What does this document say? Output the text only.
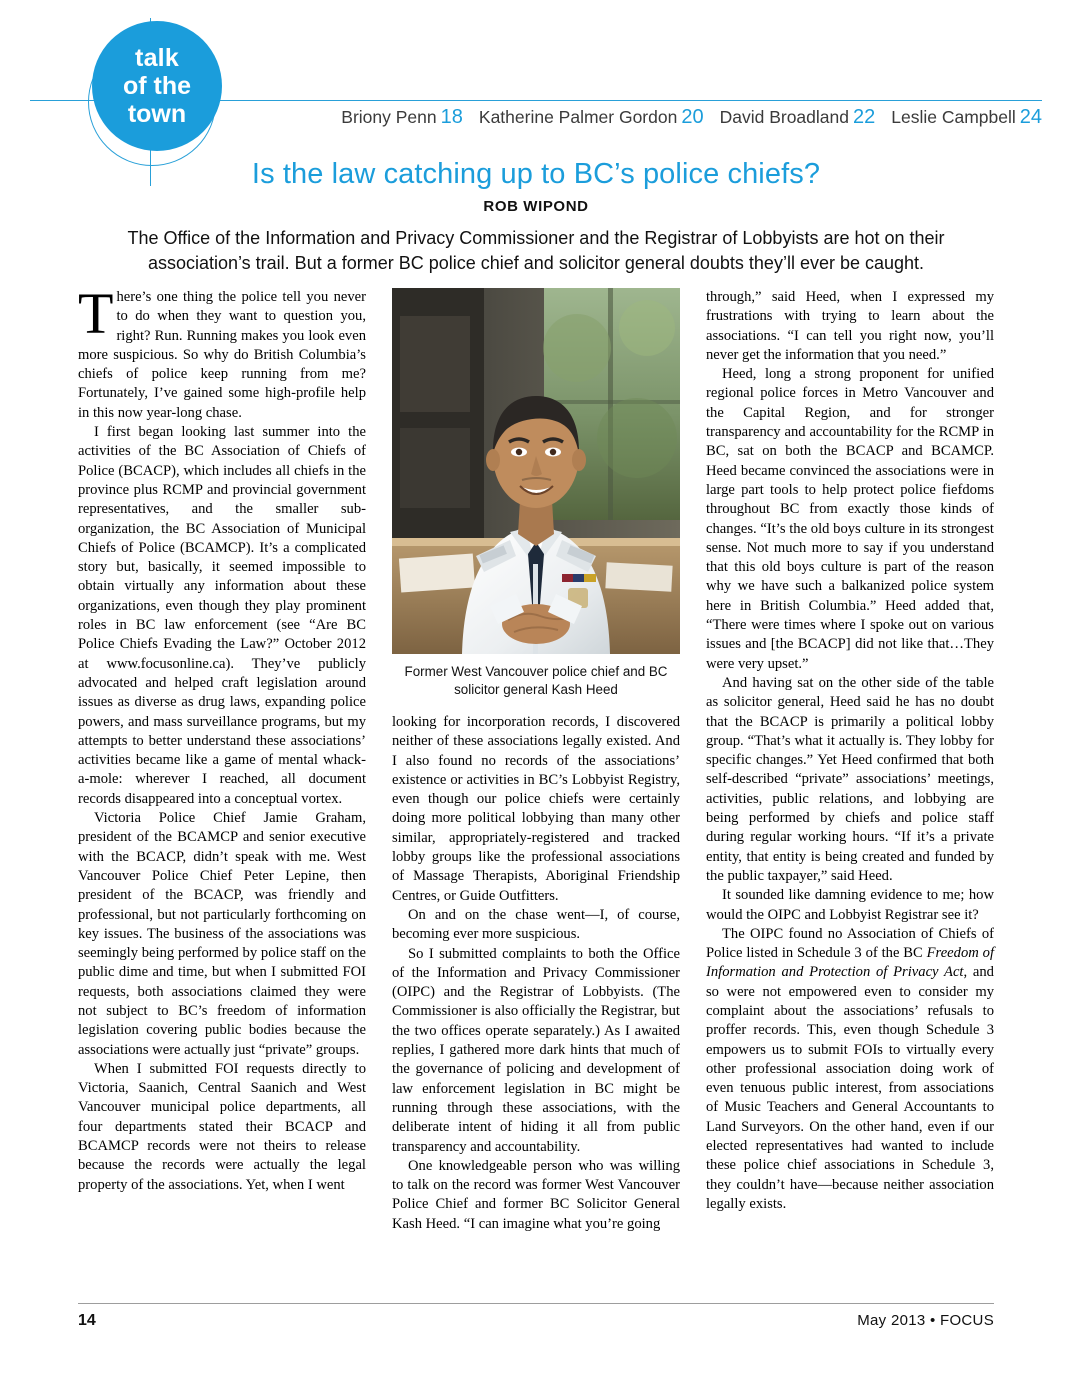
talk
of the
town	Briony Penn 18 Katherine Palmer Gordon 20 David Broadland 22 Leslie Campbell 24
Is the law catching up to BC’s police chiefs?
ROB WIPOND
The Office of the Information and Privacy Commissioner and the Registrar of Lobbyists are hot on their association’s trail. But a former BC police chief and solicitor general doubts they’ll ever be caught.

There’s one thing the police tell you never to do when they want to question you, right? Run. Running makes you look even more suspicious. So why do British Columbia’s chiefs of police keep running from me? Fortunately, I’ve gained some high-profile help in this now year-long chase.

I first began looking last summer into the activities of the BC Association of Chiefs of Police (BCACP), which includes all chiefs in the province plus RCMP and provincial government representatives, and the smaller sub-organization, the BC Association of Municipal Chiefs of Police (BCAMCP). It’s a complicated story but, basically, it seemed impossible to obtain virtually any information about these organizations, even though they play prominent roles in BC law enforcement (see “Are BC Police Chiefs Evading the Law?” October 2012 at www.focusonline.ca). They’ve publicly advocated and helped craft legislation around issues as diverse as drug laws, expanding police powers, and mass surveillance programs, but my attempts to better understand these associations’ activities became like a game of mental whack-a-mole: wherever I reached, all document records disappeared into a conceptual vortex.

Victoria Police Chief Jamie Graham, president of the BCAMCP and senior executive with the BCACP, didn’t speak with me. West Vancouver Police Chief Peter Lepine, then president of the BCACP, was friendly and professional, but not particularly forthcoming on key issues. The business of the associations was seemingly being performed by police staff on the public dime and time, but when I submitted FOI requests, both associations claimed they were not subject to BC’s freedom of information legislation covering public bodies because the associations were actually just “private” groups.

When I submitted FOI requests directly to Victoria, Saanich, Central Saanich and West Vancouver municipal police departments, all four departments stated their BCACP and BCAMCP records were not theirs to release because the records were actually the legal property of the associations. Yet, when I went

through,” said Heed, when I expressed my frustrations with trying to learn about the associations. “I can tell you right now, you’ll never get the information that you need.”

Heed, long a strong proponent for unified regional police forces in Metro Vancouver and the Capital Region, and for stronger transparency and accountability for the RCMP in BC, sat on both the BCACP and BCAMCP. Heed became convinced the associations were in large part tools to help protect police fiefdoms throughout BC from exactly those kinds of changes. “It’s the old boys culture in its strongest sense. Not much more to say if you understand that this old boys culture is part of the reason why we have such a balkanized police system here in British Columbia.” Heed added that, “There were times where I spoke out on various issues and [the BCACP] did not like that…They were very upset.”

And having sat on the other side of the table as solicitor general, Heed said he has no doubt that the BCACP is primarily a political lobby group. “That’s what it actually is. They lobby for specific changes.” Yet Heed confirmed that both self-described “private” associations’ meetings, activities, public relations, and lobbying are being performed by chiefs and police staff during regular working hours. “If it’s a private entity, that entity is being created and funded by the public taxpayer,” said Heed.

It sounded like damning evidence to me; how would the OIPC and Lobbyist Registrar see it?

The OIPC found no Association of Chiefs of Police listed in Schedule 3 of the BC Freedom of Information and Protection of Privacy Act, and so were not empowered even to consider my complaint about the associations’ refusals to proffer records. This, even though Schedule 3 empowers us to submit FOIs to virtually every other professional association doing work of even tenuous public interest, from associations of Music Teachers and General Accountants to Land Surveyors. On the other hand, even if our elected representatives had wanted to include these police chief associations in Schedule 3, they couldn’t have—because neither association legally exists.

Former West Vancouver police chief and BC solicitor general Kash Heed

looking for incorporation records, I discovered neither of these associations legally existed. And I also found no records of the associations’ existence or activities in BC’s Lobbyist Registry, even though our police chiefs were certainly doing more political lobbying than many other similar, appropriately-registered and tracked lobby groups like the professional associations of Massage Therapists, Aboriginal Friendship Centres, or Guide Outfitters.

On and on the chase went—I, of course, becoming ever more suspicious.

So I submitted complaints to both the Office of the Information and Privacy Commissioner (OIPC) and the Registrar of Lobbyists. (The Commissioner is also officially the Registrar, but the two offices operate separately.) As I awaited replies, I gathered more dark hints that much of the governance of policing and development of law enforcement legislation in BC might be running through these associations, with the deliberate intent of hiding it all from public transparency and accountability.

One knowledgeable person who was willing to talk on the record was former West Vancouver Police Chief and former BC Solicitor General Kash Heed. “I can imagine what you’re going

14	May 2013 • FOCUS
